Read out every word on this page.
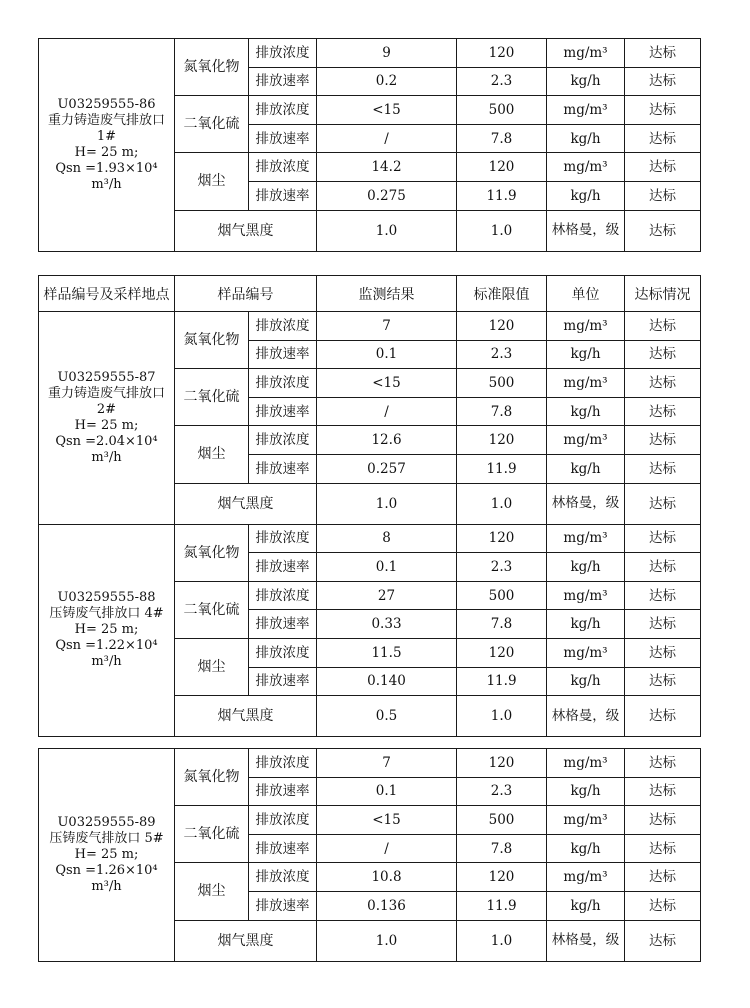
U03259555-86
重力铸造废气排放口 1#
H= 25 m;
Qsn =1.93×10⁴ m³/h	氮氧化物	排放浓度	9	120	mg/m³	达标
		排放速率	0.2	2.3	kg/h	达标
	二氧化硫	排放浓度	<15	500	mg/m³	达标
		排放速率	/	7.8	kg/h	达标
	烟尘	排放浓度	14.2	120	mg/m³	达标
		排放速率	0.275	11.9	kg/h	达标
	烟气黑度		1.0	1.0	林格曼，级	达标
样品编号及采样地点	样品编号		监测结果	标准限值	单位	达标情况

U03259555-87
重力铸造废气排放口 2#
H= 25 m;
Qsn =2.04×10⁴ m³/h	氮氧化物	排放浓度	7	120	mg/m³	达标
		排放速率	0.1	2.3	kg/h	达标
	二氧化硫	排放浓度	<15	500	mg/m³	达标
		排放速率	/	7.8	kg/h	达标
	烟尘	排放浓度	12.6	120	mg/m³	达标
		排放速率	0.257	11.9	kg/h	达标
	烟气黑度		1.0	1.0	林格曼，级	达标

U03259555-88
压铸废气排放口 4#
H= 25 m;
Qsn =1.22×10⁴ m³/h	氮氧化物	排放浓度	8	120	mg/m³	达标
		排放速率	0.1	2.3	kg/h	达标
	二氧化硫	排放浓度	27	500	mg/m³	达标
		排放速率	0.33	7.8	kg/h	达标
	烟尘	排放浓度	11.5	120	mg/m³	达标
		排放速率	0.140	11.9	kg/h	达标
	烟气黑度		0.5	1.0	林格曼，级	达标
U03259555-89
压铸废气排放口 5#
H= 25 m;
Qsn =1.26×10⁴ m³/h	氮氧化物	排放浓度	7	120	mg/m³	达标
		排放速率	0.1	2.3	kg/h	达标
	二氧化硫	排放浓度	<15	500	mg/m³	达标
		排放速率	/	7.8	kg/h	达标
	烟尘	排放浓度	10.8	120	mg/m³	达标
		排放速率	0.136	11.9	kg/h	达标
	烟气黑度		1.0	1.0	林格曼，级	达标
